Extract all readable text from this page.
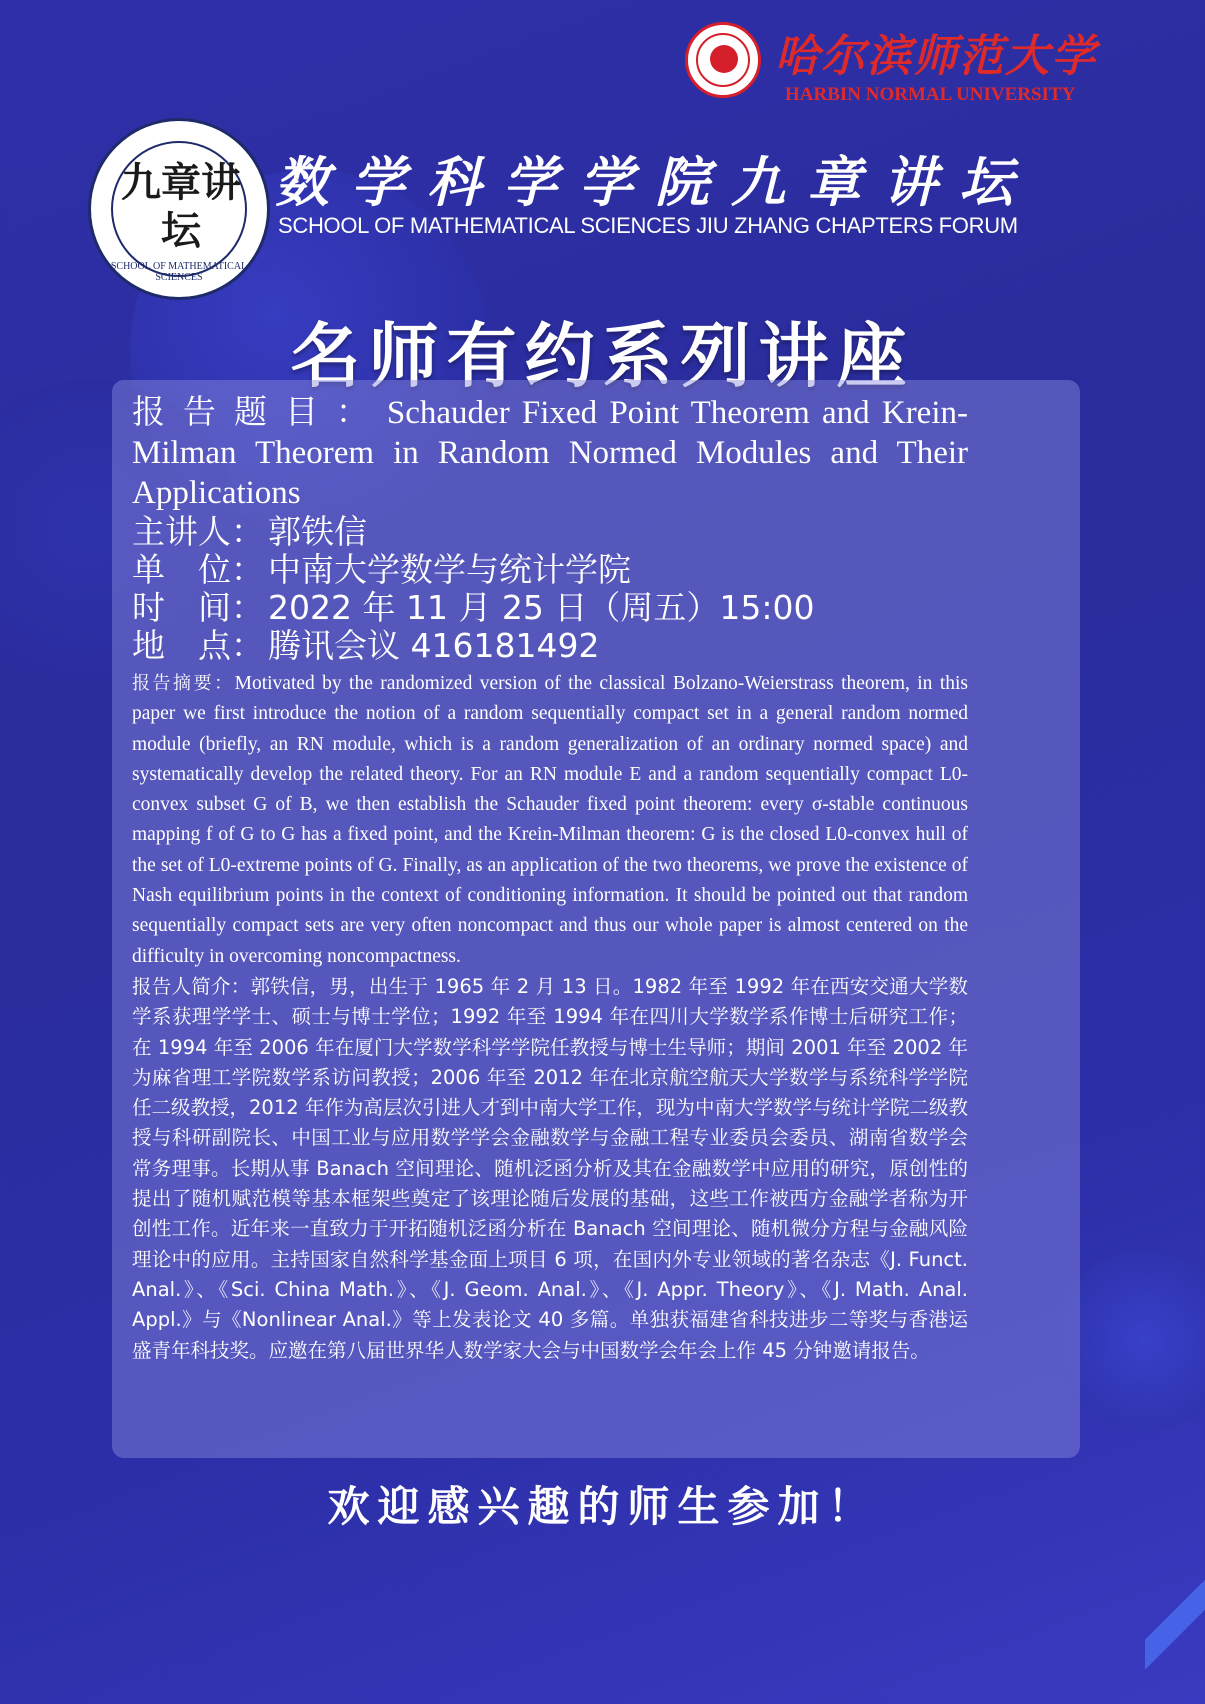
哈尔滨师范大学
HARBIN NORMAL UNIVERSITY
九章讲坛
SCHOOL OF MATHEMATICAL SCIENCES
数学科学学院九章讲坛
SCHOOL OF MATHEMATICAL SCIENCES JIU ZHANG CHAPTERS FORUM
名师有约系列讲座
报告题目：Schauder Fixed Point Theorem and Krein-Milman Theorem in Random Normed Modules and Their Applications

主讲人： 郭铁信

单　位： 中南大学数学与统计学院

时　间： 2022 年 11 月 25 日（周五）15:00

地　点： 腾讯会议 416181492

报告摘要：Motivated by the randomized version of the classical Bolzano-Weierstrass theorem, in this paper we first introduce the notion of a random sequentially compact set in a general random normed module (briefly, an RN module, which is a random generalization of an ordinary normed space) and systematically develop the related theory. For an RN module E and a random sequentially compact L0-convex subset G of B, we then establish the Schauder fixed point theorem: every σ-stable continuous mapping f of G to G has a fixed point, and the Krein-Milman theorem: G is the closed L0-convex hull of the set of L0-extreme points of G. Finally, as an application of the two theorems, we prove the existence of Nash equilibrium points in the context of conditioning information. It should be pointed out that random sequentially compact sets are very often noncompact and thus our whole paper is almost centered on the difficulty in overcoming noncompactness.
报告人简介：郭铁信，男，出生于 1965 年 2 月 13 日。1982 年至 1992 年在西安交通大学数学系获理学学士、硕士与博士学位；1992 年至 1994 年在四川大学数学系作博士后研究工作；在 1994 年至 2006 年在厦门大学数学科学学院任教授与博士生导师；期间 2001 年至 2002 年为麻省理工学院数学系访问教授；2006 年至 2012 年在北京航空航天大学数学与系统科学学院任二级教授，2012 年作为高层次引进人才到中南大学工作，现为中南大学数学与统计学院二级教授与科研副院长、中国工业与应用数学学会金融数学与金融工程专业委员会委员、湖南省数学会常务理事。长期从事 Banach 空间理论、随机泛函分析及其在金融数学中应用的研究，原创性的提出了随机赋范模等基本框架些奠定了该理论随后发展的基础，这些工作被西方金融学者称为开创性工作。近年来一直致力于开拓随机泛函分析在 Banach 空间理论、随机微分方程与金融风险理论中的应用。主持国家自然科学基金面上项目 6 项，在国内外专业领域的著名杂志《J. Funct. Anal.》、《Sci. China Math.》、《J. Geom. Anal.》、《J. Appr. Theory》、《J. Math. Anal. Appl.》与《Nonlinear Anal.》等上发表论文 40 多篇。单独获福建省科技进步二等奖与香港运盛青年科技奖。应邀在第八届世界华人数学家大会与中国数学会年会上作 45 分钟邀请报告。
欢迎感兴趣的师生参加！
